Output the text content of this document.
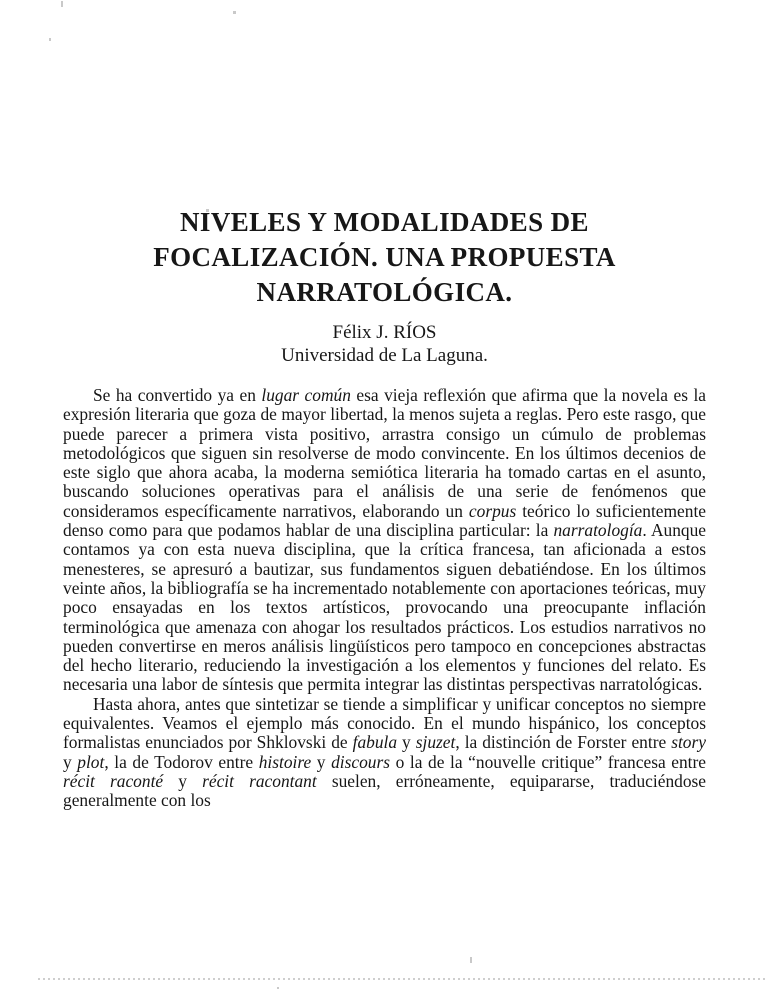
NIVELES Y MODALIDADES DE
FOCALIZACIÓN. UNA PROPUESTA
NARRATOLÓGICA.
Félix J. RÍOS
Universidad de La Laguna.

Se ha convertido ya en lugar común esa vieja reflexión que afirma que la novela es la expresión literaria que goza de mayor libertad, la menos sujeta a reglas. Pero este rasgo, que puede parecer a primera vista positivo, arrastra consigo un cúmulo de problemas metodológicos que siguen sin resolverse de modo convincente. En los últimos decenios de este siglo que ahora acaba, la moderna semiótica literaria ha tomado cartas en el asunto, buscando soluciones operativas para el análisis de una serie de fenómenos que consideramos específicamente narrativos, elaborando un corpus teórico lo suficientemente denso como para que podamos hablar de una disciplina particular: la narratología. Aunque contamos ya con esta nueva disciplina, que la crítica francesa, tan aficionada a estos menesteres, se apresuró a bautizar, sus fundamentos siguen debatiéndose. En los últimos veinte años, la bibliografía se ha incrementado notablemente con aportaciones teóricas, muy poco ensayadas en los textos artísticos, provocando una preocupante inflación terminológica que amenaza con ahogar los resultados prácticos. Los estudios narrativos no pueden convertirse en meros análisis lingüísticos pero tampoco en concepciones abstractas del hecho literario, reduciendo la investigación a los elementos y funciones del relato. Es necesaria una labor de síntesis que permita integrar las distintas perspectivas narratológicas.

Hasta ahora, antes que sintetizar se tiende a simplificar y unificar conceptos no siempre equivalentes. Veamos el ejemplo más conocido. En el mundo hispánico, los conceptos formalistas enunciados por Shklovski de fabula y sjuzet, la distinción de Forster entre story y plot, la de Todorov entre histoire y discours o la de la “nouvelle critique” francesa entre récit raconté y récit racontant suelen, erróneamente, equipararse, traduciéndose generalmente con los
